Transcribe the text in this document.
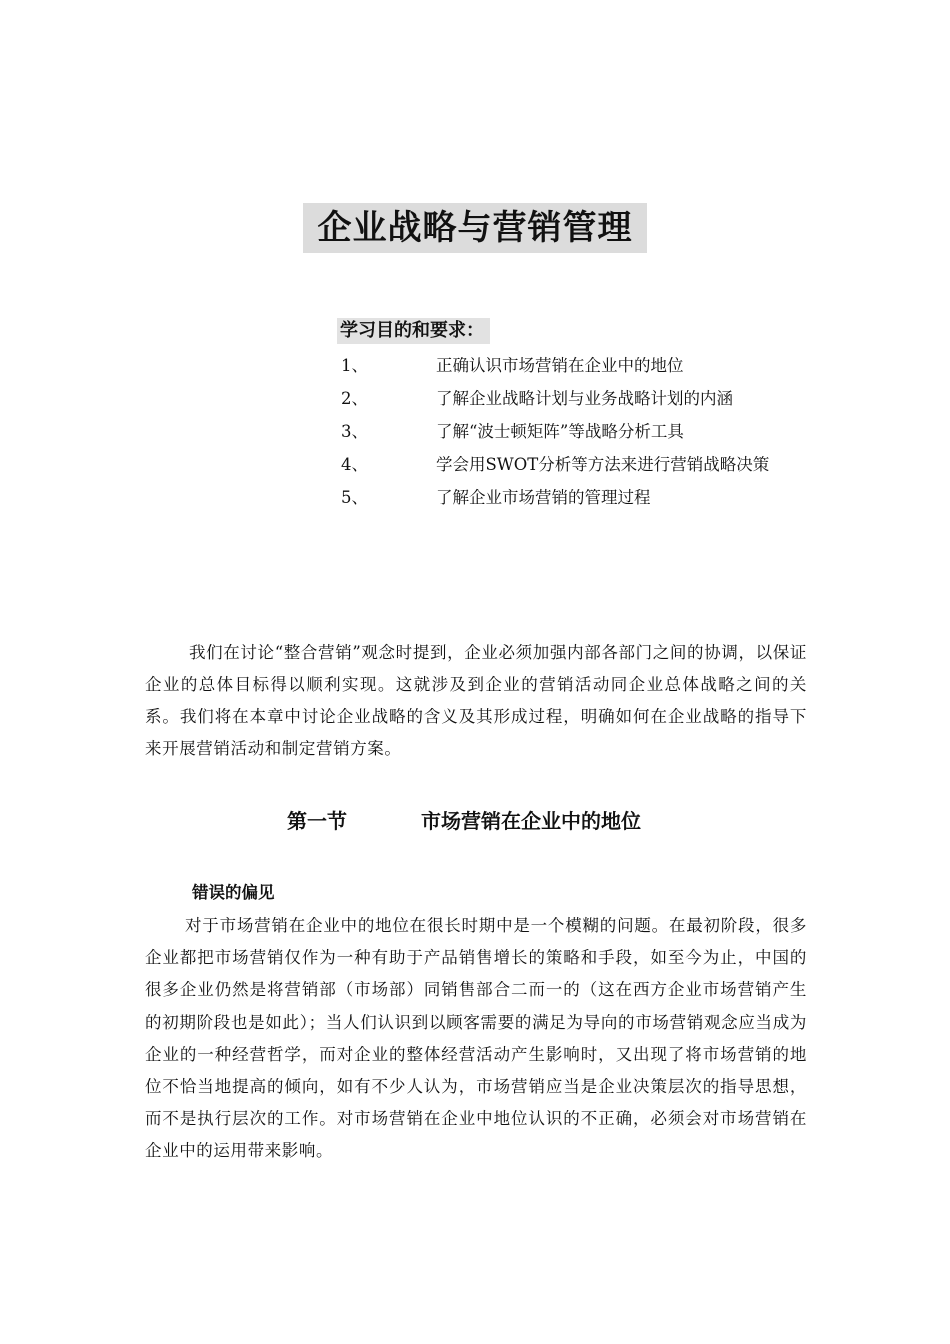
企业战略与营销管理
学习目的和要求：
1、	正确认识市场营销在企业中的地位
2、	了解企业战略计划与业务战略计划的内涵
3、	了解“波士顿矩阵”等战略分析工具
4、	学会用SWOT分析等方法来进行营销战略决策
5、	了解企业市场营销的管理过程

我们在讨论“整合营销”观念时提到，企业必须加强内部各部门之间的协调，以保证企业的总体目标得以顺利实现。这就涉及到企业的营销活动同企业总体战略之间的关系。我们将在本章中讨论企业战略的含义及其形成过程，明确如何在企业战略的指导下来开展营销活动和制定营销方案。

第一节	市场营销在企业中的地位
错误的偏见

对于市场营销在企业中的地位在很长时期中是一个模糊的问题。在最初阶段，很多企业都把市场营销仅作为一种有助于产品销售增长的策略和手段，如至今为止，中国的很多企业仍然是将营销部（市场部）同销售部合二而一的（这在西方企业市场营销产生的初期阶段也是如此）；当人们认识到以顾客需要的满足为导向的市场营销观念应当成为企业的一种经营哲学，而对企业的整体经营活动产生影响时，又出现了将市场营销的地位不恰当地提高的倾向，如有不少人认为，市场营销应当是企业决策层次的指导思想，而不是执行层次的工作。对市场营销在企业中地位认识的不正确，必须会对市场营销在企业中的运用带来影响。
